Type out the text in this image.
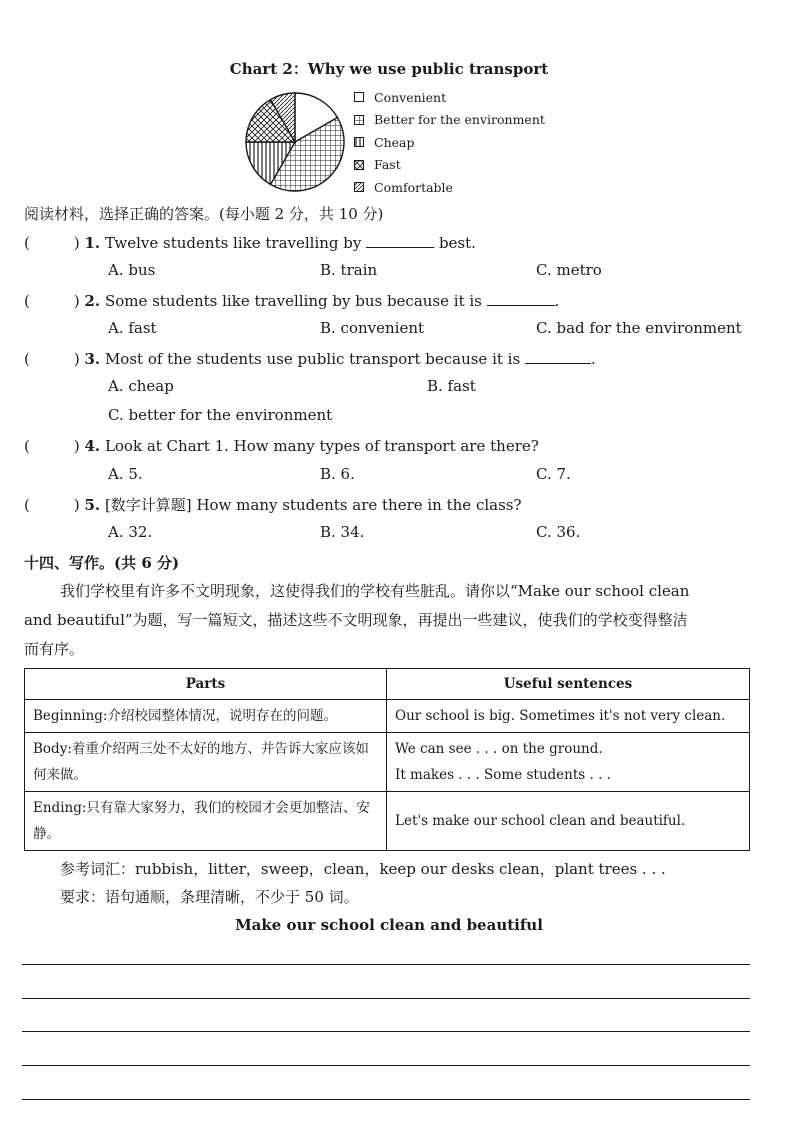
Chart 2：Why we use public transport
Convenient
Better for the environment
Cheap
Fast
Comfortable
阅读材料，选择正确的答案。(每小题 2 分，共 10 分)
(	) 1. Twelve students like travelling by	best.
A. bus	B. train	C. metro
(	) 2. Some students like travelling by bus because it is	.
A. fast	B. convenient	C. bad for the environment
(	) 3. Most of the students use public transport because it is	.
A. cheap	B. fast
C. better for the environment
(	) 4. Look at Chart 1. How many types of transport are there?
A. 5.	B. 6.	C. 7.
(	) 5. [数字计算题] How many students are there in the class?
A. 32.	B. 34.	C. 36.
十四、写作。(共 6 分)
我们学校里有许多不文明现象，这使得我们的学校有些脏乱。请你以“Make our school clean
and beautiful”为题，写一篇短文，描述这些不文明现象，再提出一些建议，使我们的学校变得整洁
而有序。
Parts	Useful sentences
Beginning:介绍校园整体情况，说明存在的问题。	Our school is big. Sometimes it's not very clean.

Body:着重介绍两三处不太好的地方、并告诉大家应该如何来做。	We can see . . . on the ground.
It makes . . . Some students . . .

Ending:只有靠大家努力，我们的校园才会更加整洁、安静。	Let's make our school clean and beautiful.
参考词汇：rubbish，litter，sweep，clean，keep our desks clean，plant trees . . .
要求：语句通顺，条理清晰，不少于 50 词。
Make our school clean and beautiful
